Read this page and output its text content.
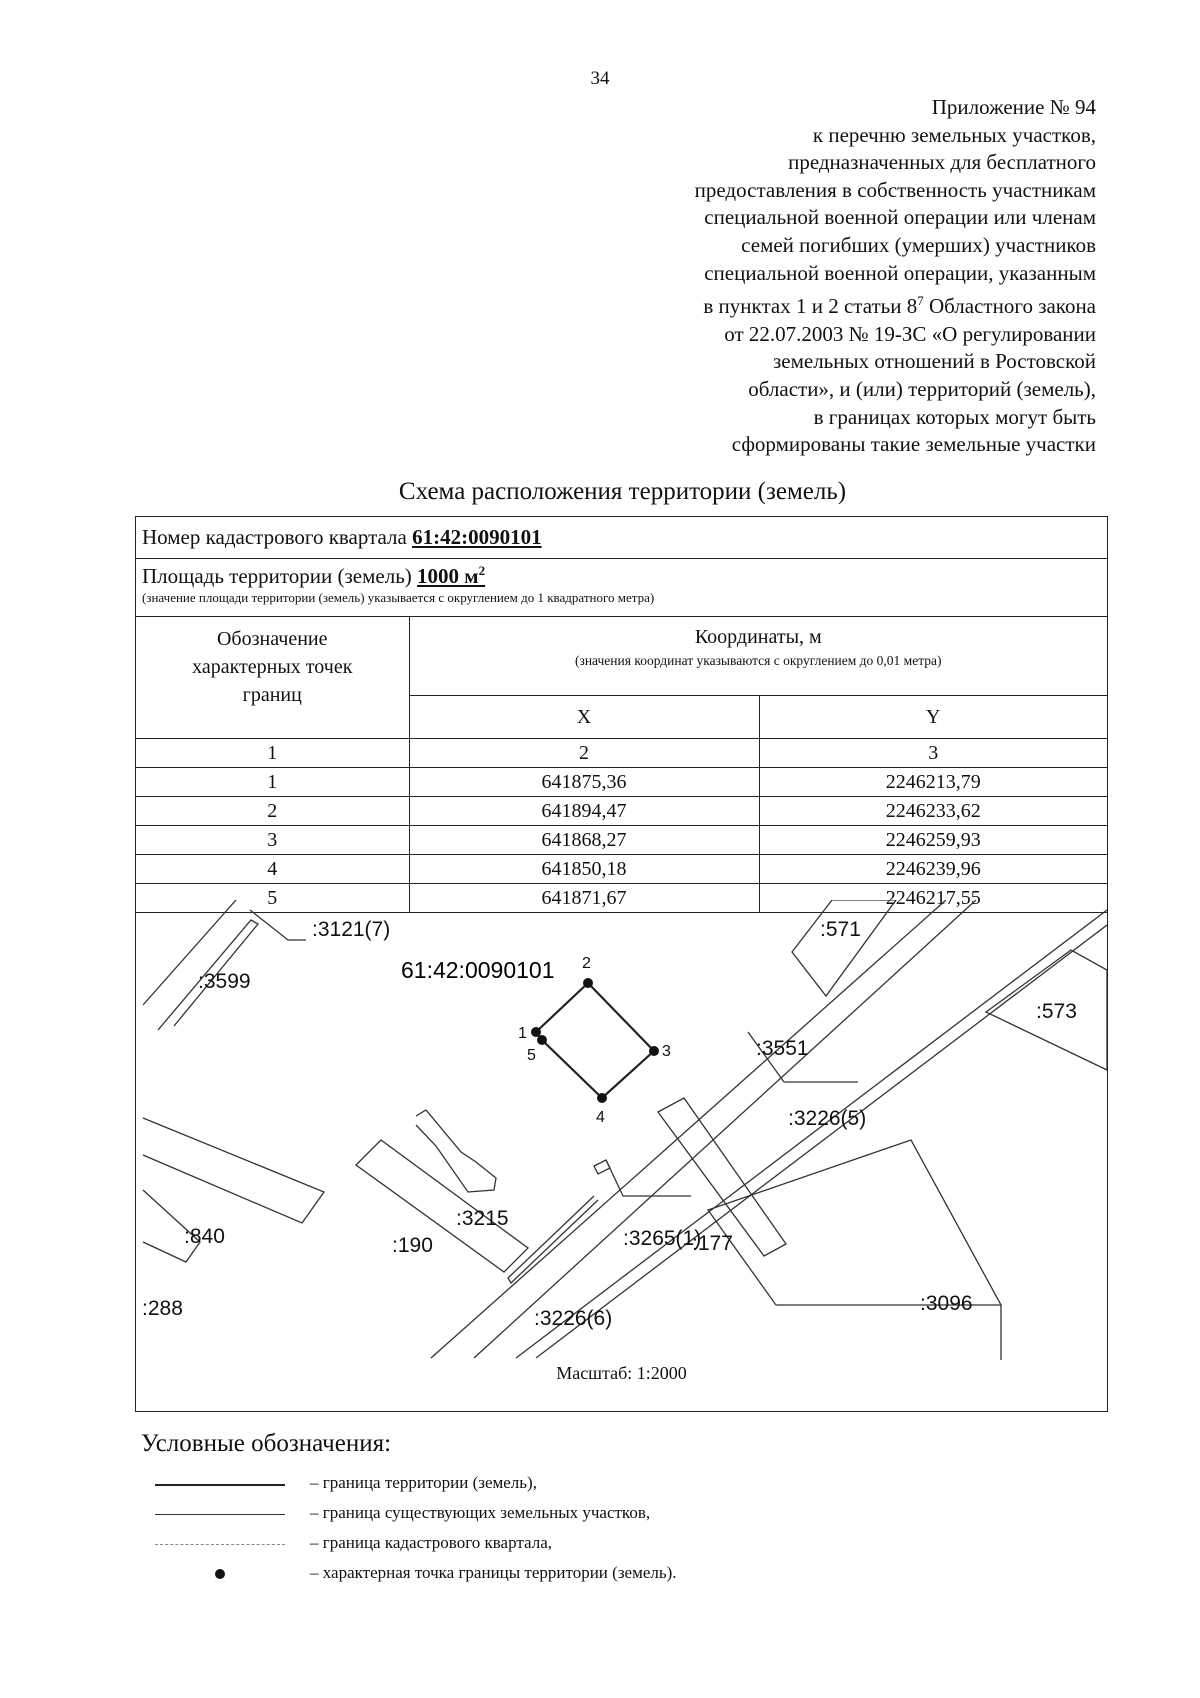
34
Приложение № 94
к перечню земельных участков,
предназначенных для бесплатного
предоставления в собственность участникам
специальной военной операции или членам
семей погибших (умерших) участников
специальной военной операции, указанным
в пунктах 1 и 2 статьи $8^7$ Областного закона
от 22.07.2003 № 19-ЗС «О регулировании
земельных отношений в Ростовской
области», и (или) территорий (земель),
в границах которых могут быть
сформированы такие земельные участки
Схема расположения территории (земель)
Номер кадастрового квартала 61:42:0090101
Площадь территории (земель) 1000 $м^2$
(значение площади территории (земель) указывается с округлением до 1 квадратного метра)
Обозначение
характерных точек
границ	Координаты, м
(значения координат указываются с округлением до 0,01 метра)	

	X	Y
1	2	3
1	641875,36	2246213,79
2	641894,47	2246233,62
3	641868,27	2246259,93
4	641850,18	2246239,96
5	641871,67	2246217,55
1
2
3
4
5
61:42:0090101
:3121(7)
:3599
:571
:573
:3551
:3226(5)
:840
:3215
:190	:3265(1)
:177
:288	:3226(6)
:3096
Масштаб: 1:2000
Условные обозначения:
– граница территории (земель),
– граница существующих земельных участков,
– граница кадастрового квартала,
– характерная точка границы территории (земель).
